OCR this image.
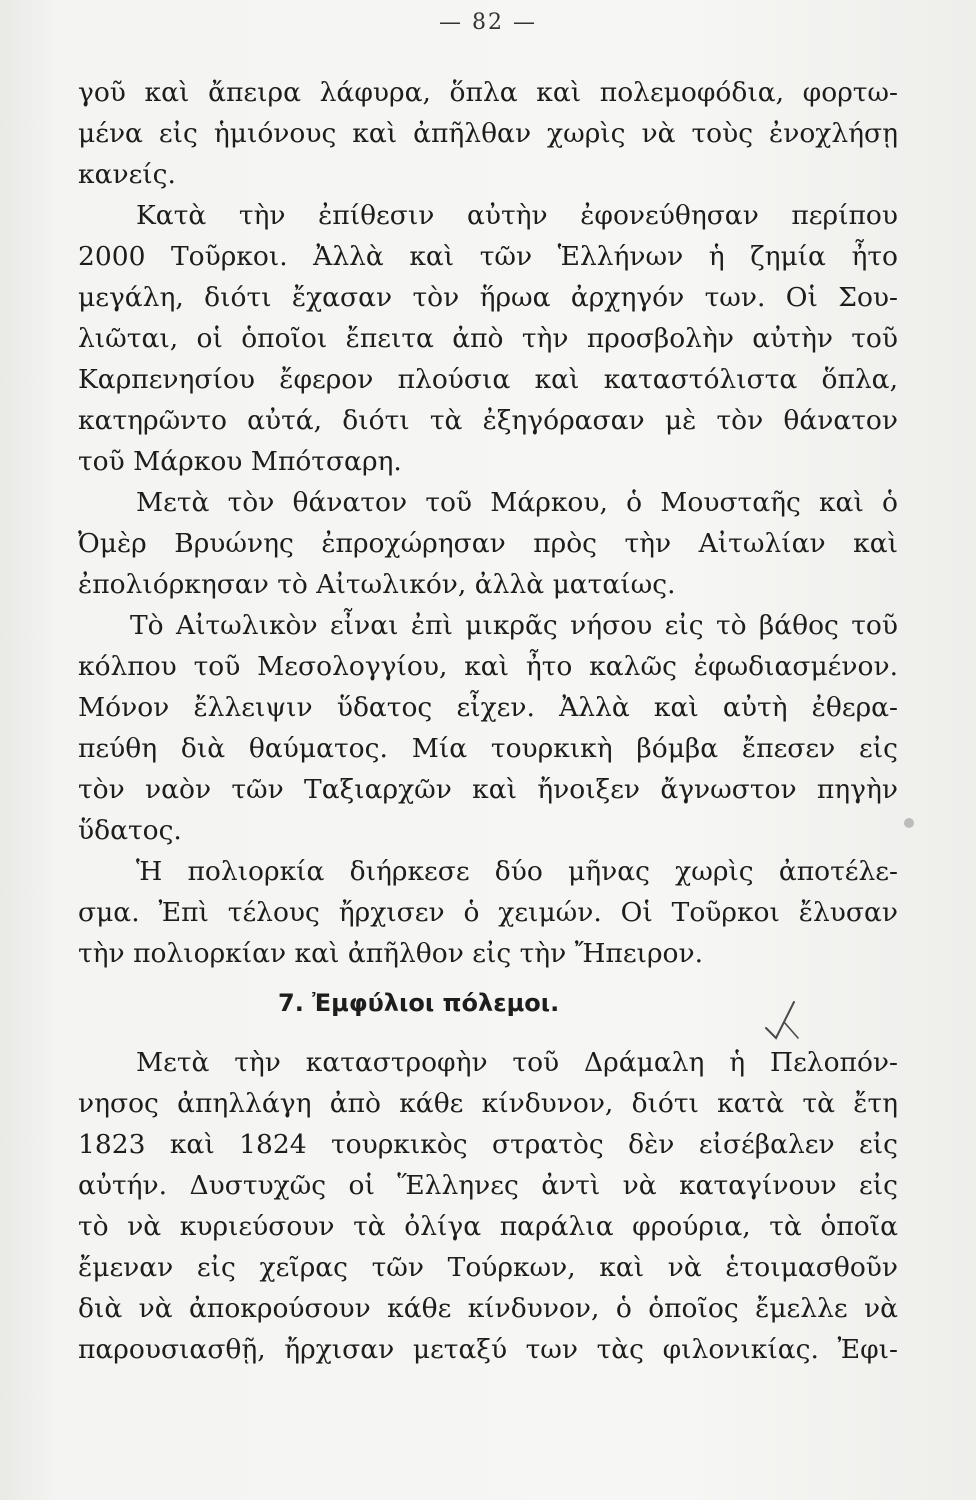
— 82 —
γοῦ καὶ ἄπειρα λάφυρα, ὅπλα καὶ πολεμοφόδια, φορτω-
μένα εἰς ἡμιόνους καὶ ἀπῆλθαν χωρὶς νὰ τοὺς ἐνοχλήσῃ
κανείς.
Κατὰ τὴν ἐπίθεσιν αὐτὴν ἐφονεύθησαν περίπου
2000 Τοῦρκοι. Ἀλλὰ καὶ τῶν Ἑλλήνων ἡ ζημία ἦτο
μεγάλη, διότι ἔχασαν τὸν ἥρωα ἀρχηγόν των. Οἱ Σου-
λιῶται, οἱ ὁποῖοι ἔπειτα ἀπὸ τὴν προσβολὴν αὐτὴν τοῦ
Καρπενησίου ἔφερον πλούσια καὶ καταστόλιστα ὅπλα,
κατηρῶντο αὐτά, διότι τὰ ἐξηγόρασαν μὲ τὸν θάνατον
τοῦ Μάρκου Μπότσαρη.
Μετὰ τὸν θάνατον τοῦ Μάρκου, ὁ Μουσταῆς καὶ ὁ
Ὀμὲρ Βρυώνης ἐπροχώρησαν πρὸς τὴν Αἰτωλίαν καὶ
ἐπολιόρκησαν τὸ Αἰτωλικόν, ἀλλὰ ματαίως.
Τὸ Αἰτωλικὸν εἶναι ἐπὶ μικρᾶς νήσου εἰς τὸ βάθος τοῦ
κόλπου τοῦ Μεσολογγίου, καὶ ἦτο καλῶς ἐφωδιασμένον.
Μόνον ἔλλειψιν ὕδατος εἶχεν. Ἀλλὰ καὶ αὐτὴ ἐθερα-
πεύθη διὰ θαύματος. Μία τουρκικὴ βόμβα ἔπεσεν εἰς
τὸν ναὸν τῶν Ταξιαρχῶν καὶ ἤνοιξεν ἄγνωστον πηγὴν
ὕδατος.
Ἡ πολιορκία διήρκεσε δύο μῆνας χωρὶς ἀποτέλε-
σμα. Ἐπὶ τέλους ἤρχισεν ὁ χειμών. Οἱ Τοῦρκοι ἔλυσαν
τὴν πολιορκίαν καὶ ἀπῆλθον εἰς τὴν Ἤπειρον.
7. Ἐμφύλιοι πόλεμοι.
Μετὰ τὴν καταστροφὴν τοῦ Δράμαλη ἡ Πελοπόν-
νησος ἀπηλλάγη ἀπὸ κάθε κίνδυνον, διότι κατὰ τὰ ἔτη
1823 καὶ 1824 τουρκικὸς στρατὸς δὲν εἰσέβαλεν εἰς
αὐτήν. Δυστυχῶς οἱ Ἕλληνες ἀντὶ νὰ καταγίνουν εἰς
τὸ νὰ κυριεύσουν τὰ ὀλίγα παράλια φρούρια, τὰ ὁποῖα
ἔμεναν εἰς χεῖρας τῶν Τούρκων, καὶ νὰ ἑτοιμασθοῦν
διὰ νὰ ἀποκρούσουν κάθε κίνδυνον, ὁ ὁποῖος ἔμελλε νὰ
παρουσιασθῇ, ἤρχισαν μεταξύ των τὰς φιλονικίας. Ἐφι-
